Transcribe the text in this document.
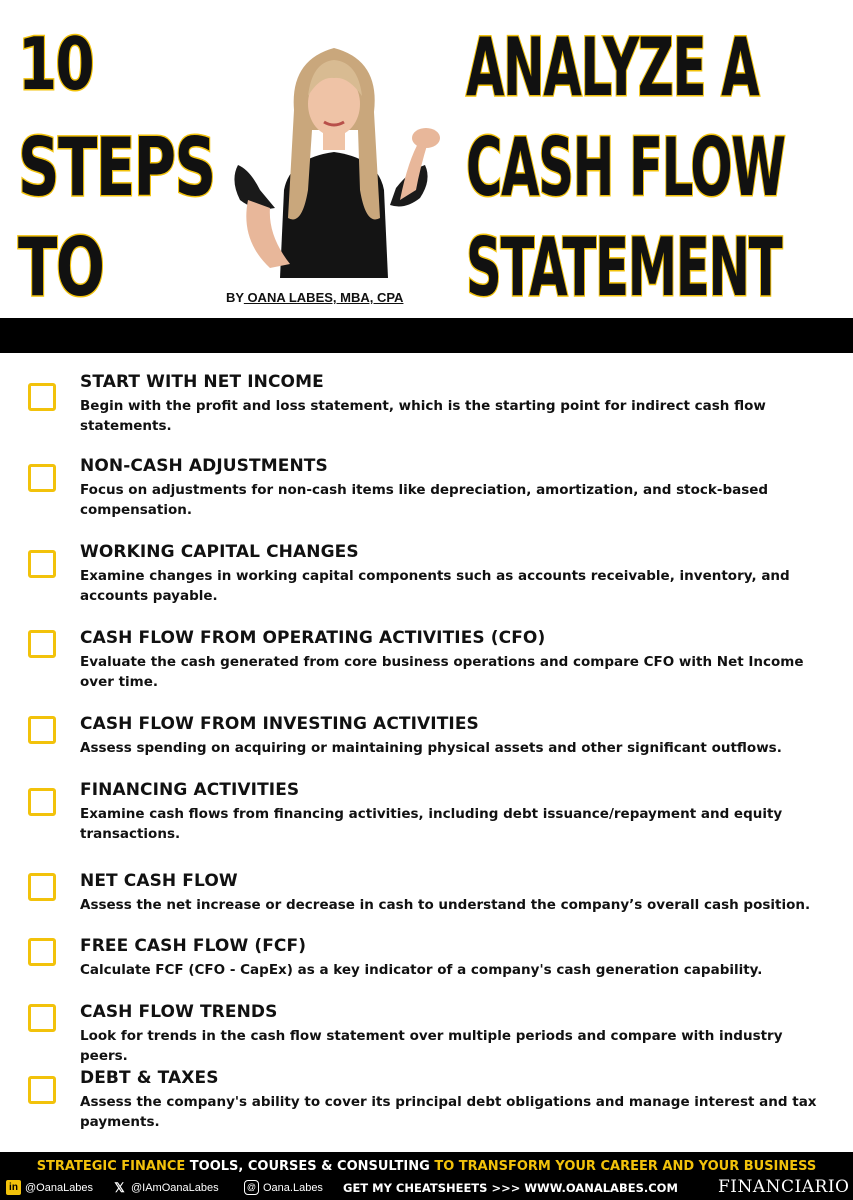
10
STEPS
TO	BY OANA LABES, MBA, CPA
ANALYZE A
CASH FLOW
STATEMENT
START WITH NET INCOME
Begin with the profit and loss statement, which is the starting point for indirect cash flow statements.
NON-CASH ADJUSTMENTS
Focus on adjustments for non-cash items like depreciation, amortization, and stock-based compensation.
WORKING CAPITAL CHANGES
Examine changes in working capital components such as accounts receivable, inventory, and accounts payable.
CASH FLOW FROM OPERATING ACTIVITIES (CFO)
Evaluate the cash generated from core business operations and compare CFO with Net Income over time.
CASH FLOW FROM INVESTING ACTIVITIES
Assess spending on acquiring or maintaining physical assets and other significant outflows.
FINANCING ACTIVITIES
Examine cash flows from financing activities, including debt issuance/repayment and equity transactions.
NET CASH FLOW
Assess the net increase or decrease in cash to understand the company’s overall cash position.
FREE CASH FLOW (FCF)
Calculate FCF (CFO - CapEx) as a key indicator of a company's cash generation capability.
CASH FLOW TRENDS
Look for trends in the cash flow statement over multiple periods and compare with industry peers.
DEBT & TAXES
Assess the company's ability to cover its principal debt obligations and manage interest and tax payments.
STRATEGIC FINANCE TOOLS, COURSES & CONSULTING TO TRANSFORM YOUR CAREER AND YOUR BUSINESS
in @OanaLabes 𝕏 @IAmOanaLabes	@ Oana.Labes GET MY CHEATSHEETS >>> WWW.OANALABES.COM FINANCIARIO
